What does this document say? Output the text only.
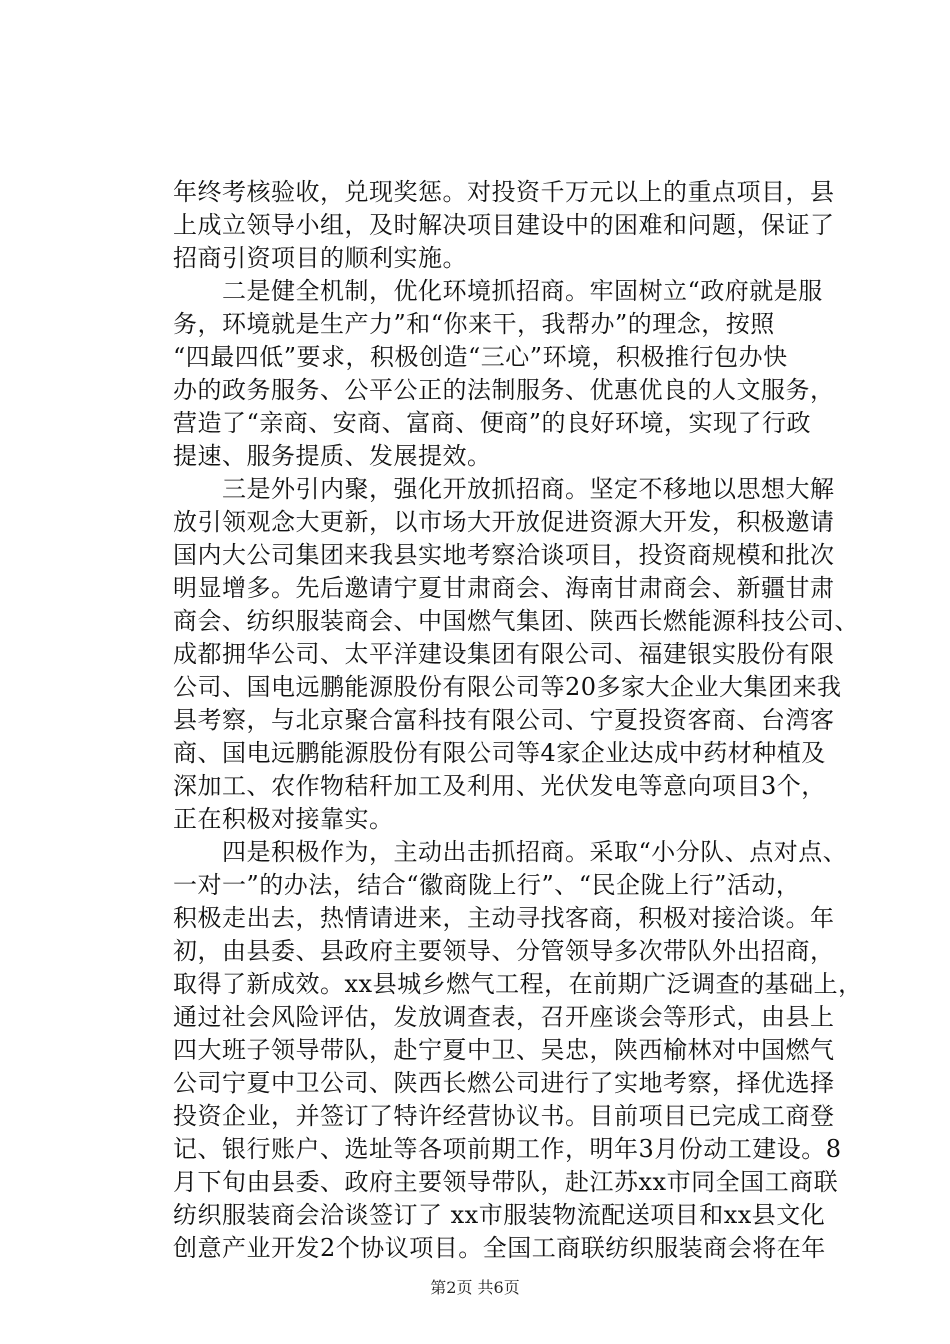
年终考核验收，兑现奖惩。对投资千万元以上的重点项目，县
上成立领导小组，及时解决项目建设中的困难和问题，保证了
招商引资项目的顺利实施。
　　二是健全机制，优化环境抓招商。牢固树立“政府就是服
务，环境就是生产力”和“你来干，我帮办”的理念，按照
“四最四低”要求，积极创造“三心”环境，积极推行包办快
办的政务服务、公平公正的法制服务、优惠优良的人文服务，
营造了“亲商、安商、富商、便商”的良好环境，实现了行政
提速、服务提质、发展提效。
　　三是外引内聚，强化开放抓招商。坚定不移地以思想大解
放引领观念大更新，以市场大开放促进资源大开发，积极邀请
国内大公司集团来我县实地考察洽谈项目，投资商规模和批次
明显增多。先后邀请宁夏甘肃商会、海南甘肃商会、新疆甘肃
商会、纺织服装商会、中国燃气集团、陕西长燃能源科技公司、
成都拥华公司、太平洋建设集团有限公司、福建银实股份有限
公司、国电远鹏能源股份有限公司等20多家大企业大集团来我
县考察，与北京聚合富科技有限公司、宁夏投资客商、台湾客
商、国电远鹏能源股份有限公司等4家企业达成中药材种植及
深加工、农作物秸秆加工及利用、光伏发电等意向项目3个，
正在积极对接靠实。
　　四是积极作为，主动出击抓招商。采取“小分队、点对点、
一对一”的办法，结合“徽商陇上行”、“民企陇上行”活动，
积极走出去，热情请进来，主动寻找客商，积极对接洽谈。年
初，由县委、县政府主要领导、分管领导多次带队外出招商，
取得了新成效。xx县城乡燃气工程，在前期广泛调查的基础上，
通过社会风险评估，发放调查表，召开座谈会等形式，由县上
四大班子领导带队，赴宁夏中卫、吴忠，陕西榆林对中国燃气
公司宁夏中卫公司、陕西长燃公司进行了实地考察，择优选择
投资企业，并签订了特许经营协议书。目前项目已完成工商登
记、银行账户、选址等各项前期工作，明年3月份动工建设。8
月下旬由县委、政府主要领导带队，赴江苏xx市同全国工商联
纺织服装商会洽谈签订了 xx市服装物流配送项目和xx县文化
创意产业开发2个协议项目。全国工商联纺织服装商会将在年
第2页 共6页
